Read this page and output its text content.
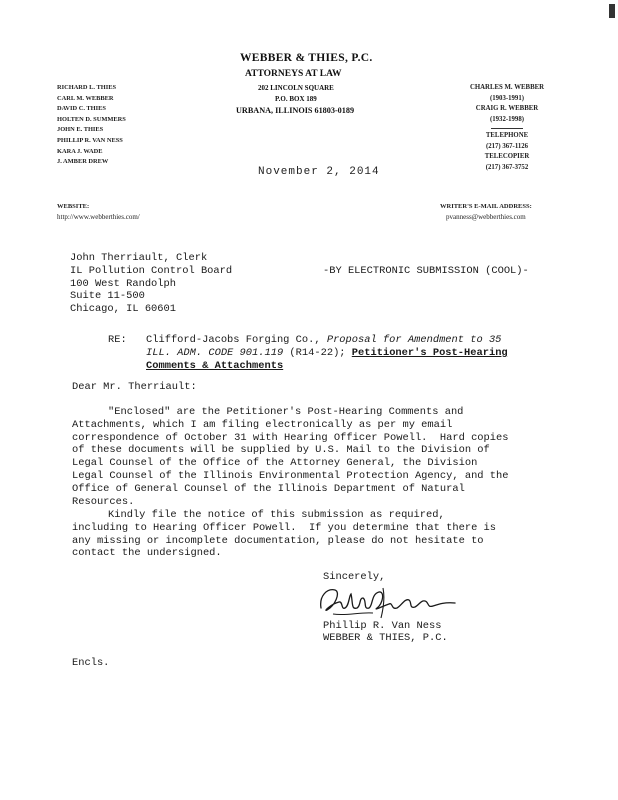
WEBBER & THIES, P.C.
ATTORNEYS AT LAW
202 LINCOLN SQUARE
P.O. BOX 189
URBANA, ILLINOIS 61803-0189
RICHARD L. THIES
CARL M. WEBBER
DAVID C. THIES
HOLTEN D. SUMMERS
JOHN E. THIES
PHILLIP R. VAN NESS
KARA J. WADE
J. AMBER DREW
CHARLES M. WEBBER
(1903-1991)
CRAIG R. WEBBER
(1932-1998)
TELEPHONE
(217) 367-1126
TELECOPIER
(217) 367-3752
November 2, 2014
WEBSITE:
http://www.webberthies.com/
WRITER'S E-MAIL ADDRESS:
pvanness@webberthies.com
John Therriault, Clerk
IL Pollution Control Board
100 West Randolph
Suite 11-500
Chicago, IL 60601
-BY ELECTRONIC SUBMISSION (COOL)-
RE: Clifford-Jacobs Forging Co., Proposal for Amendment to 35
ILL. ADM. CODE 901.119 (R14-22); Petitioner's Post-Hearing
Comments & Attachments
Dear Mr. Therriault:
"Enclosed" are the Petitioner's Post-Hearing Comments and
Attachments, which I am filing electronically as per my email
correspondence of October 31 with Hearing Officer Powell.  Hard copies
of these documents will be supplied by U.S. Mail to the Division of
Legal Counsel of the Office of the Attorney General, the Division
Legal Counsel of the Illinois Environmental Protection Agency, and the
Office of General Counsel of the Illinois Department of Natural
Resources.
Kindly file the notice of this submission as required,
including to Hearing Officer Powell.  If you determine that there is
any missing or incomplete documentation, please do not hesitate to
contact the undersigned.
Sincerely,
Phillip R. Van Ness
WEBBER & THIES, P.C.
Encls.
